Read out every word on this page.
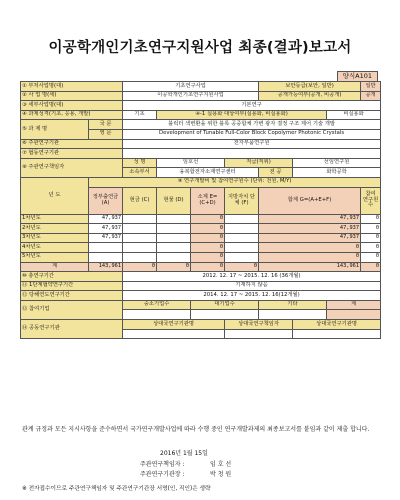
이공학개인기초연구지원사업 최종(결과)보고서
양식A101
① 부처사업명(대)		기초연구사업				보안등급(보안, 일반)			일반
② 사 업 명(세)		이공학개인기초연구지원사업				공개가능여부(공개, 비공개)			공개
③ 세부사업명(대)		기본연구							
④ 과제성격(기초, 응용, 개발)		기초	④-1 실용화 대상여부(실용화, 비실용화)					비실용화	
⑤ 과 제 명	국 문	블럭터 색변환을 위한 블록 공중합체 가변 광자 결정 구조 제어 기술 개발							
	영 문	Development of Tunable Full-Color Block Copolymer Photonic Crystals							
⑥ 주관연구기관		전자부품연구원							
⑦ 협동연구기관									
⑧ 주관연구책임자		성 명	임호선		직급(직위)		선임연구원		
		소속부서	융복합전자소재연구센터			전 공	화학공학		
년 도	⑨ 연구개발비 및 참여연구원수 (단위: 천원, M/Y)								
	정부출연금 (A)	현금 (C)	현물 (D)	소계 E=(C+D)	지방자치 단체 (F)	합계 G=(A+E+F)			참여 연구원수
1차년도	47,937			0		47,937			0
2차년도	47,937			0		47,937			0
3차년도	47,937			0		47,937			0
4차년도				0		0			0
5차년도				0		0			0
계	143,961	0	0	0	0	143,961			0
⑩ 총연구기간		2012. 12. 17 ~ 2015. 12. 16 (36개월)							
⑪ 1단계협약연구기간		기재하지 않음							
⑫ 당해연도연구기간		2014. 12. 17 ~ 2015. 12. 16(12개월)							
⑬ 참여기업		중소기업수		대기업수		기타		계	

⑭ 공동연구기관		상대국연구기관명			상대국연구책임자		상대국연구기관명		

관계 규정과 모든 지시사항을 준수하면서 국가연구개발사업에 따라 수행 중인 연구개발과제의 최종보고서를 붙임과 같이 제출 합니다.
2016년 1월 15일
주관연구책임자 :	임 호 선
주관연구기관장 :	박 청 원
※ 전자접수이므로 주관연구책임자 및 주관연구기관장 서명(인, 직인)은 생략
